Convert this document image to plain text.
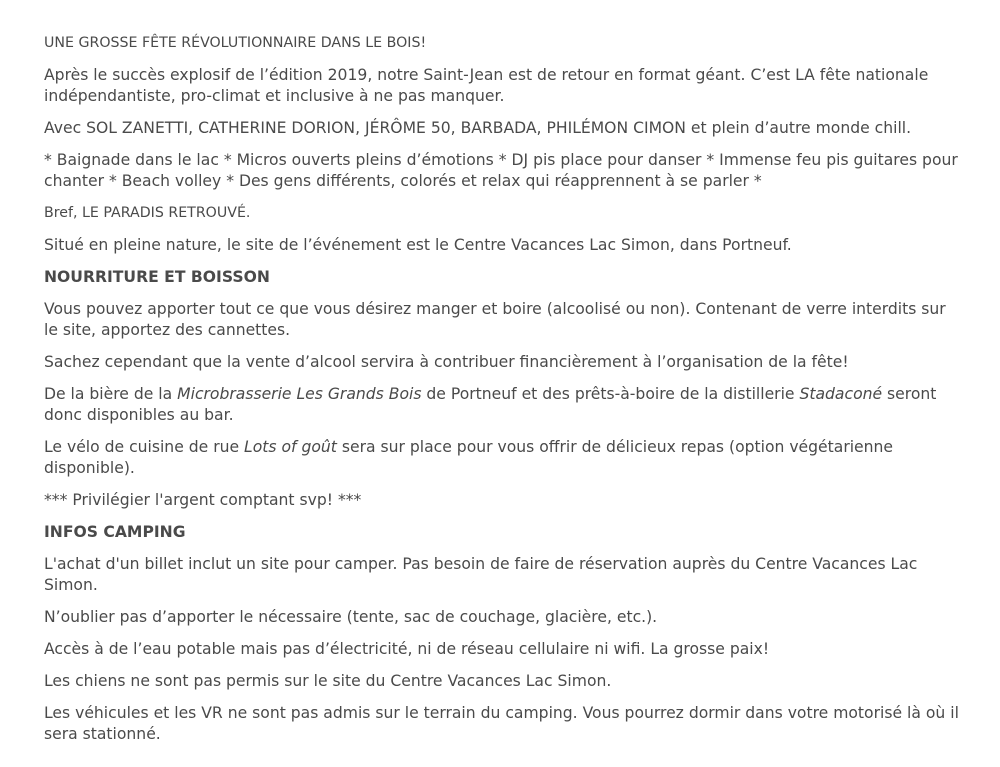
UNE GROSSE FÊTE RÉVOLUTIONNAIRE DANS LE BOIS!

Après le succès explosif de l’édition 2019, notre Saint-Jean est de retour en format géant. C’est LA fête nationale indépendantiste, pro-climat et inclusive à ne pas manquer.

Avec SOL ZANETTI, CATHERINE DORION, JÉRÔME 50, BARBADA, PHILÉMON CIMON et plein d’autre monde chill.

* Baignade dans le lac * Micros ouverts pleins d’émotions * DJ pis place pour danser * Immense feu pis guitares pour chanter * Beach volley * Des gens différents, colorés et relax qui réapprennent à se parler *

Bref, LE PARADIS RETROUVÉ.

Situé en pleine nature, le site de l’événement est le Centre Vacances Lac Simon, dans Portneuf.

NOURRITURE ET BOISSON

Vous pouvez apporter tout ce que vous désirez manger et boire (alcoolisé ou non). Contenant de verre interdits sur le site, apportez des cannettes.

Sachez cependant que la vente d’alcool servira à contribuer financièrement à l’organisation de la fête!

De la bière de la Microbrasserie Les Grands Bois de Portneuf et des prêts-à-boire de la distillerie Stadaconé seront donc disponibles au bar.

Le vélo de cuisine de rue Lots of goût sera sur place pour vous offrir de délicieux repas (option végétarienne disponible).

*** Privilégier l'argent comptant svp! ***

INFOS CAMPING

L'achat d'un billet inclut un site pour camper. Pas besoin de faire de réservation auprès du Centre Vacances Lac Simon.

N’oublier pas d’apporter le nécessaire (tente, sac de couchage, glacière, etc.).

Accès à de l’eau potable mais pas d’électricité, ni de réseau cellulaire ni wifi. La grosse paix!

Les chiens ne sont pas permis sur le site du Centre Vacances Lac Simon.

Les véhicules et les VR ne sont pas admis sur le terrain du camping. Vous pourrez dormir dans votre motorisé là où il sera stationné.
